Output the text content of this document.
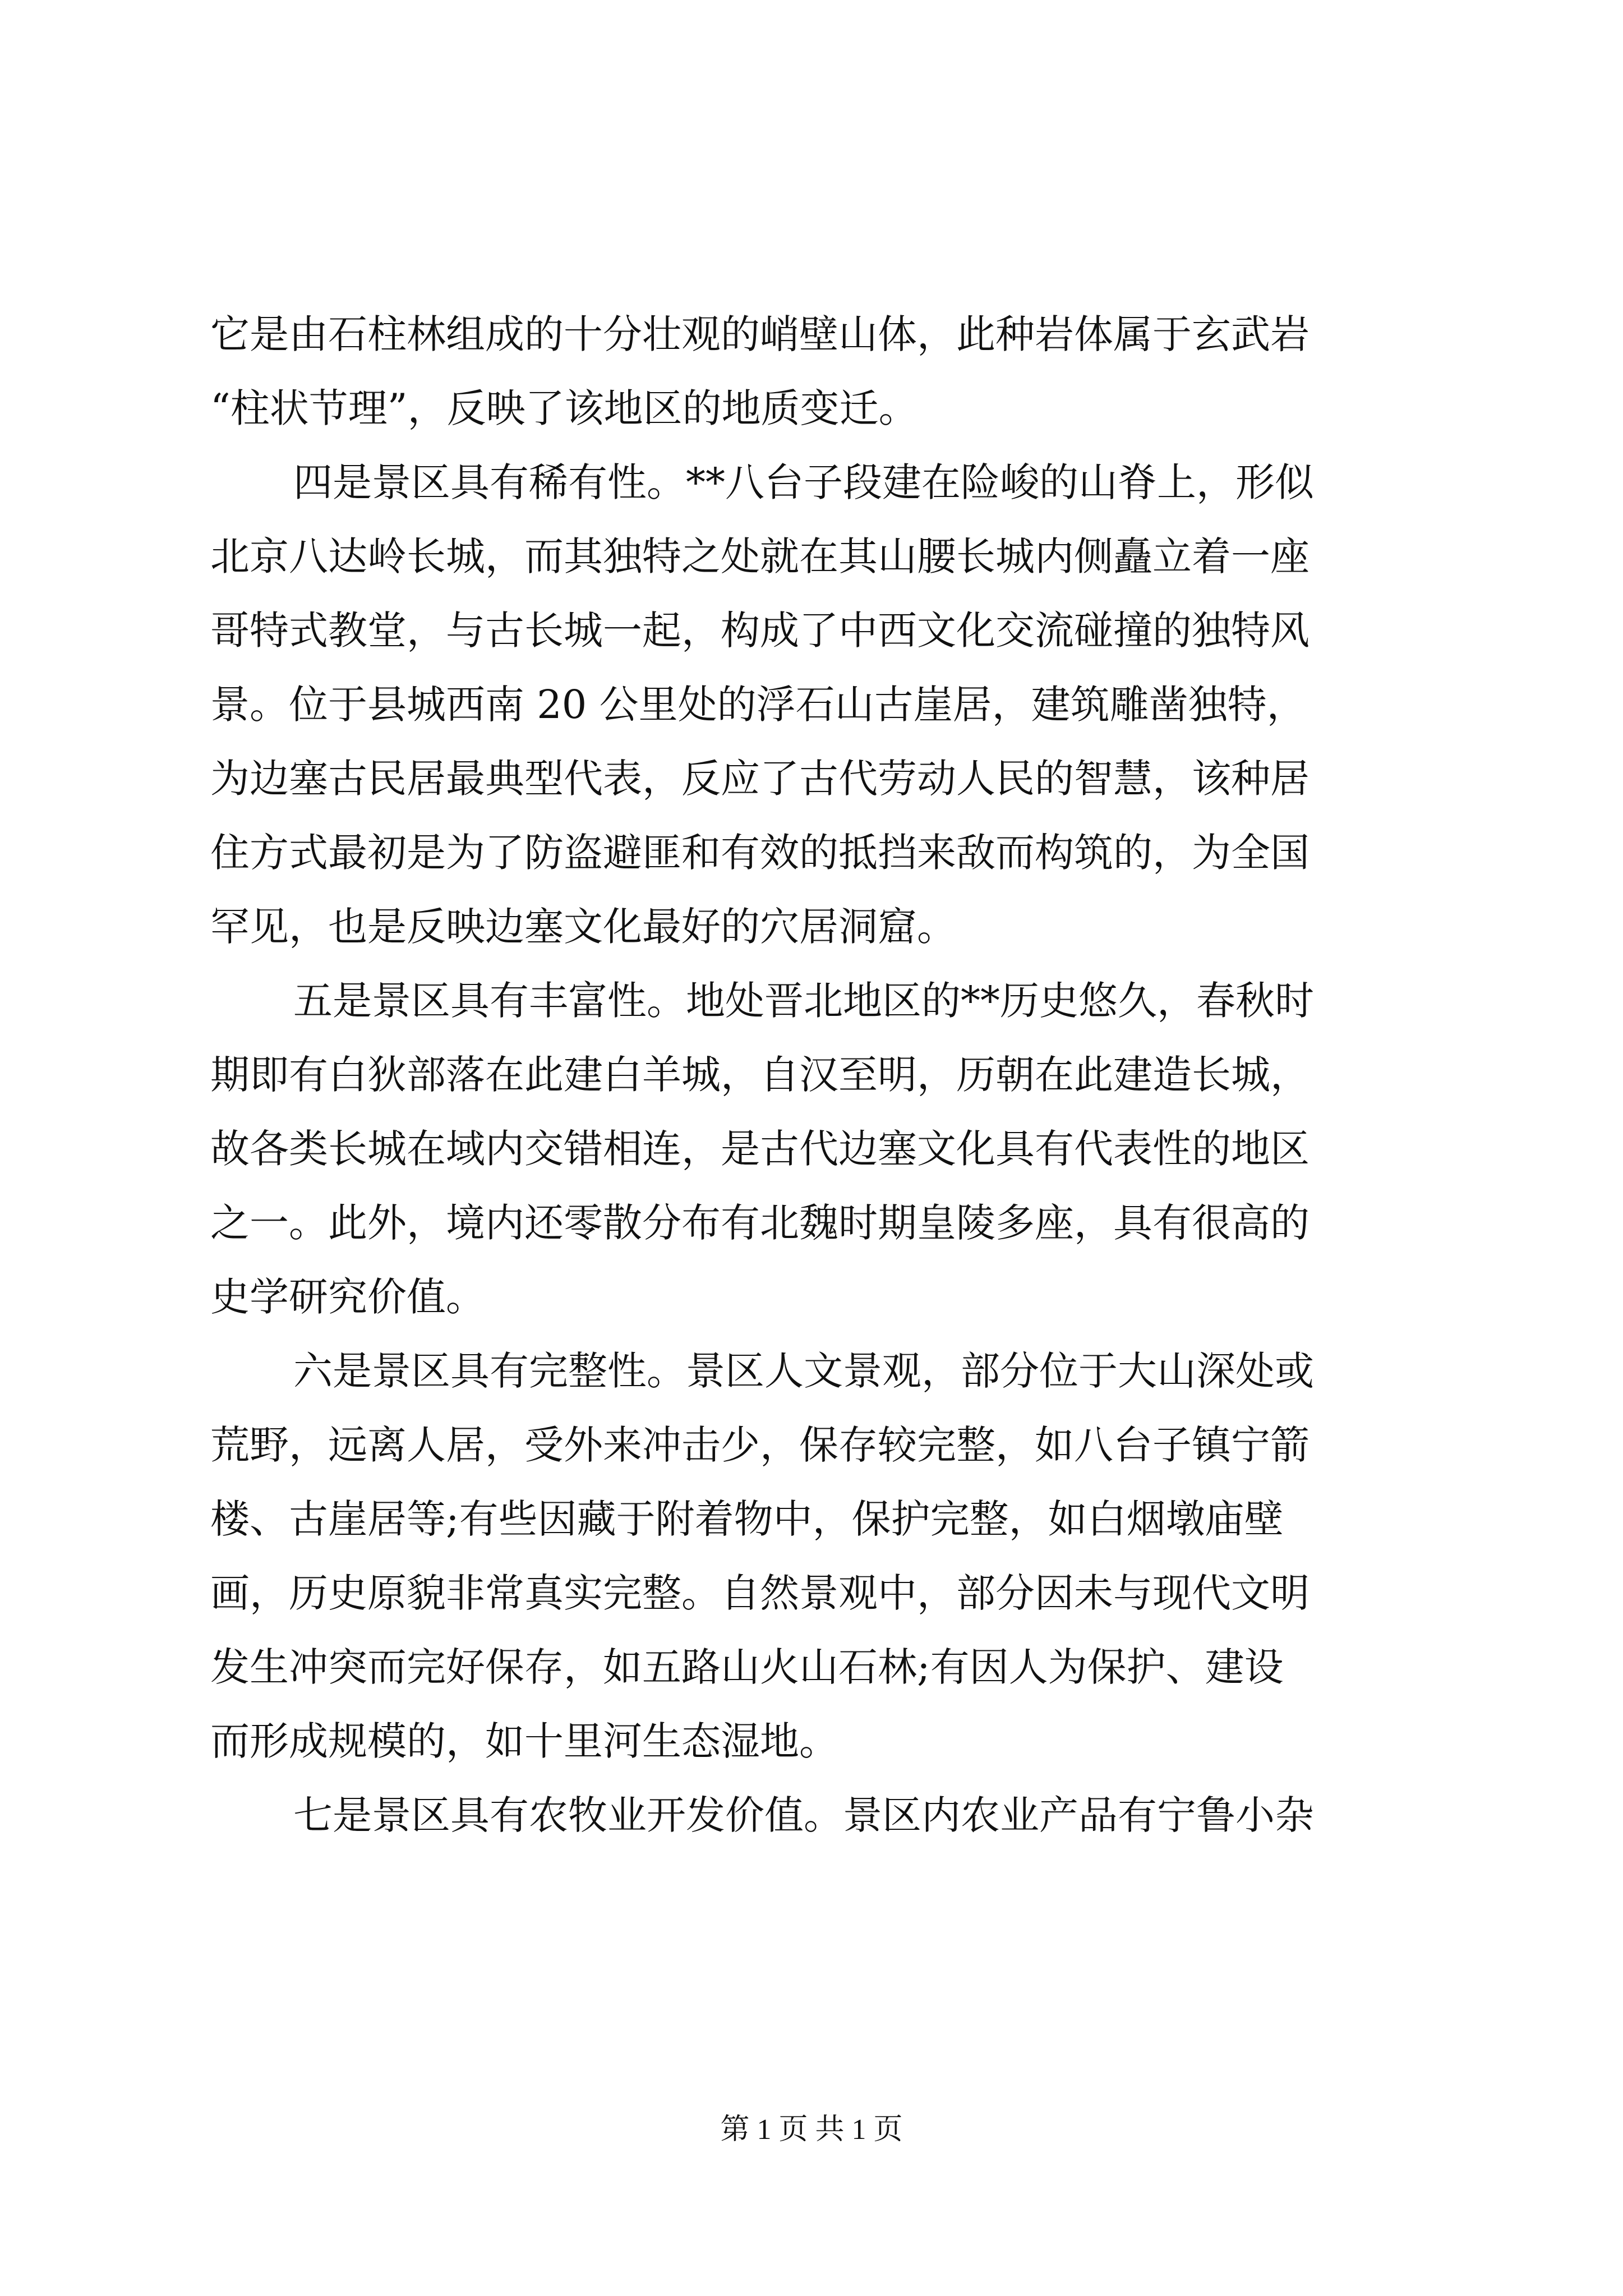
它是由石柱林组成的十分壮观的峭壁山体，此种岩体属于玄武岩
“柱状节理”，反映了该地区的地质变迁。
四是景区具有稀有性。**八台子段建在险峻的山脊上，形似
北京八达岭长城，而其独特之处就在其山腰长城内侧矗立着一座
哥特式教堂，与古长城一起，构成了中西文化交流碰撞的独特风
景。位于县城西南 20 公里处的浮石山古崖居，建筑雕凿独特，
为边塞古民居最典型代表，反应了古代劳动人民的智慧，该种居
住方式最初是为了防盗避匪和有效的抵挡来敌而构筑的，为全国
罕见，也是反映边塞文化最好的穴居洞窟。
五是景区具有丰富性。地处晋北地区的**历史悠久，春秋时
期即有白狄部落在此建白羊城，自汉至明，历朝在此建造长城，
故各类长城在域内交错相连，是古代边塞文化具有代表性的地区
之一。此外，境内还零散分布有北魏时期皇陵多座，具有很高的
史学研究价值。
六是景区具有完整性。景区人文景观，部分位于大山深处或
荒野，远离人居，受外来冲击少，保存较完整，如八台子镇宁箭
楼、古崖居等;有些因藏于附着物中，保护完整，如白烟墩庙壁
画，历史原貌非常真实完整。自然景观中，部分因未与现代文明
发生冲突而完好保存，如五路山火山石林;有因人为保护、建设
而形成规模的，如十里河生态湿地。
七是景区具有农牧业开发价值。景区内农业产品有宁鲁小杂
第 1 页 共 1 页
